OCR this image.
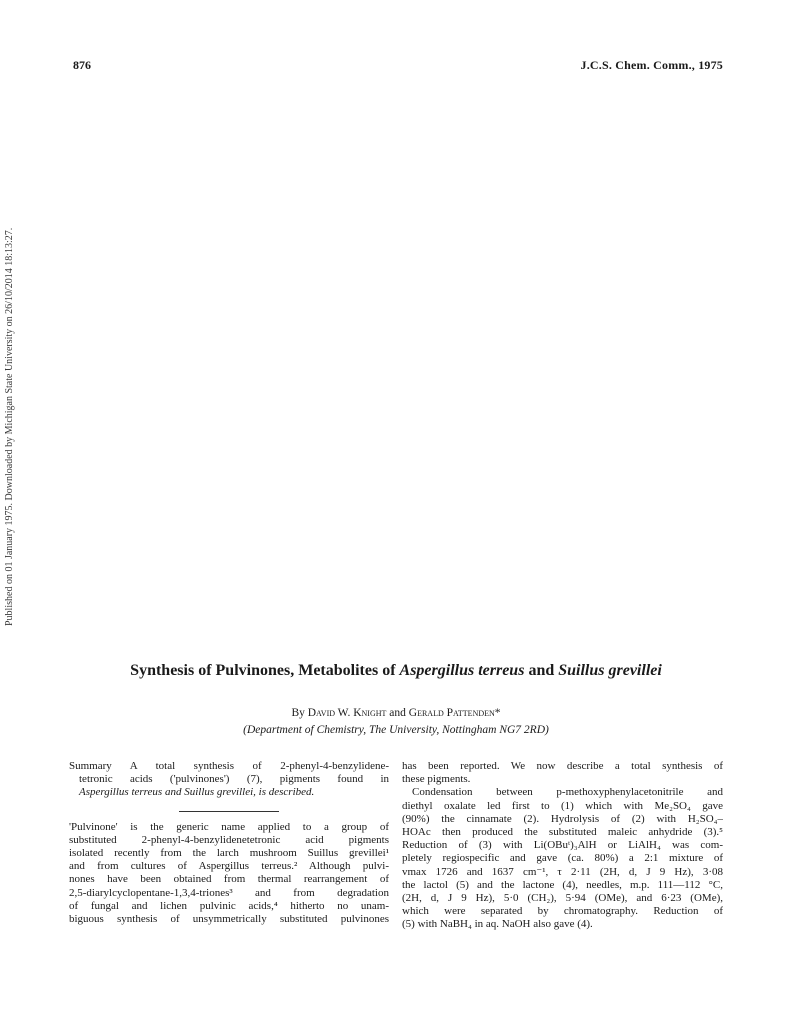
876	J.C.S. Chem. Comm., 1975
Published on 01 January 1975. Downloaded by Michigan State University on 26/10/2014 18:13:27.
Synthesis of Pulvinones, Metabolites of Aspergillus terreus and Suillus grevillei
By David W. Knight and Gerald Pattenden*
(Department of Chemistry, The University, Nottingham NG7 2RD)
Summary A total synthesis of 2-phenyl-4-benzylidene-
tetronic acids ('pulvinones') (7), pigments found in
Aspergillus terreus and Suillus grevillei, is described.
'Pulvinone' is the generic name applied to a group of
substituted 2-phenyl-4-benzylidenetetronic acid pigments
isolated recently from the larch mushroom Suillus grevillei¹
and from cultures of Aspergillus terreus.² Although pulvi-
nones have been obtained from thermal rearrangement of
2,5-diarylcyclopentane-1,3,4-triones³ and from degradation
of fungal and lichen pulvinic acids,⁴ hitherto no unam-
biguous synthesis of unsymmetrically substituted pulvinones
has been reported. We now describe a total synthesis of
these pigments.
Condensation between p-methoxyphenylacetonitrile and
diethyl oxalate led first to (1) which with Me₂SO₄ gave
(90%) the cinnamate (2). Hydrolysis of (2) with H₂SO₄–
HOAc then produced the substituted maleic anhydride (3).⁵
Reduction of (3) with Li(OBuᵗ)₃AlH or LiAlH₄ was com-
pletely regiospecific and gave (ca. 80%) a 2:1 mixture of
vmax 1726 and 1637 cm⁻¹, τ 2·11 (2H, d, J 9 Hz), 3·08
the lactol (5) and the lactone (4), needles, m.p. 111—112 °C,
(2H, d, J 9 Hz), 5·0 (CH₂), 5·94 (OMe), and 6·23 (OMe),
which were separated by chromatography. Reduction of
(5) with NaBH₄ in aq. NaOH also gave (4).
